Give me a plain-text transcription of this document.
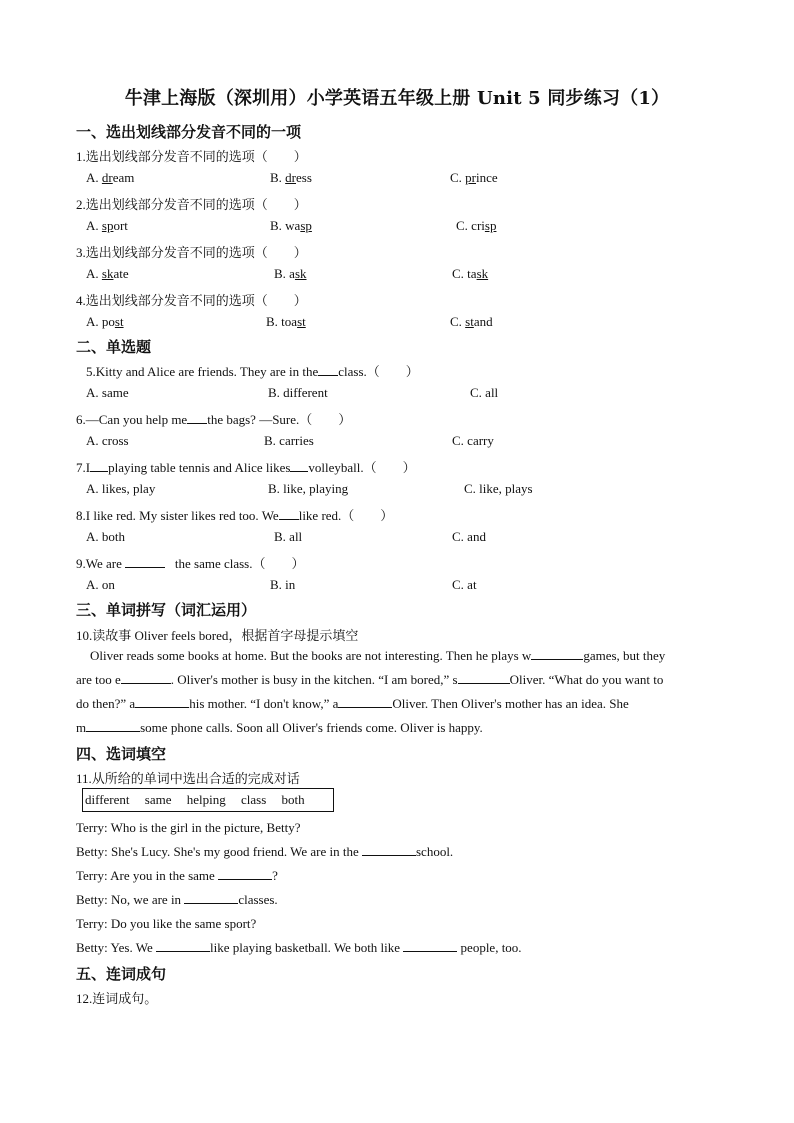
牛津上海版（深圳用）小学英语五年级上册 Unit 5 同步练习（1）
一、选出划线部分发音不同的一项
1.选出划线部分发音不同的选项（　　）
A. dream	B. dress	C. prince
2.选出划线部分发音不同的选项（　　）
A. sport	B. wasp	C. crisp
3.选出划线部分发音不同的选项（　　）
A. skate	B. ask	C. task
4.选出划线部分发音不同的选项（　　）
A. post	B. toast	C. stand
二、单选题
5.Kitty and Alice are friends. They are in the class.（　　）
A. same	B. different	C. all
6.—Can you help me the bags? —Sure.（　　）
A. cross	B. carries	C. carry
7.I playing table tennis and Alice likes volleyball.（　　）
A. likes, play	B. like, playing	C. like, plays
8.I like red. My sister likes red too. We like red.（　　）
A. both	B. all	C. and
9.We are	the same class.（　　）
A. on	B. in	C. at
三、单词拼写（词汇运用）
10.读故事 Oliver feels bored，根据首字母提示填空
Oliver reads some books at home. But the books are not interesting. Then he plays w	games, but they
are too e	. Oliver's mother is busy in the kitchen. “I am bored,” s	Oliver. “What do you want to
do then?” a	his mother. “I don't know,” a	Oliver. Then Oliver's mother has an idea. She
m	some phone calls. Soon all Oliver's friends come. Oliver is happy.
四、选词填空
11.从所给的单词中选出合适的完成对话
different same helping class both
Terry: Who is the girl in the picture, Betty?
Betty: She's Lucy. She's my good friend. We are in the	school.
Terry: Are you in the same	?
Betty: No, we are in	classes.
Terry: Do you like the same sport?
Betty: Yes. We	like playing basketball. We both like	people, too.
五、连词成句
12.连词成句。
